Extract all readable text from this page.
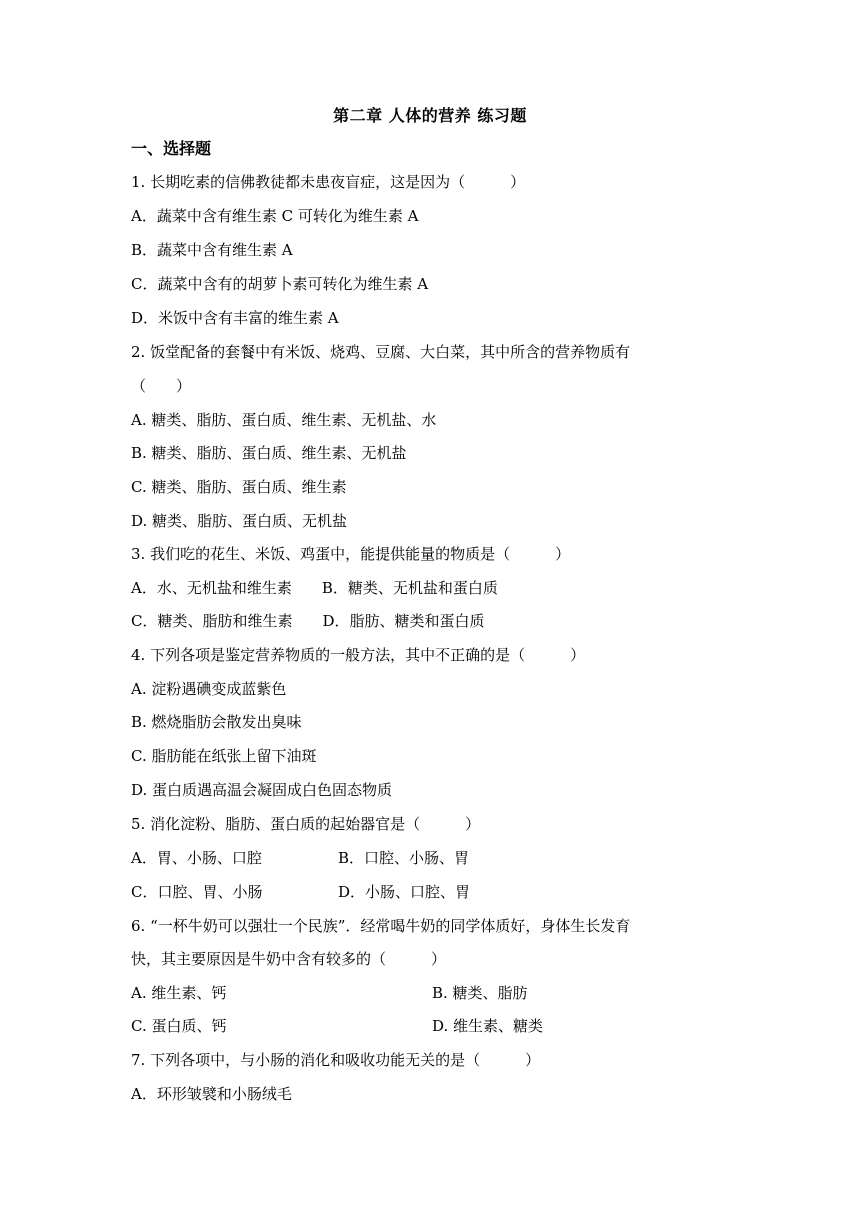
第二章 人体的营养 练习题
一、选择题
1. 长期吃素的信佛教徒都未患夜盲症，这是因为（　　　）
A．蔬菜中含有维生素 C 可转化为维生素 A
B．蔬菜中含有维生素 A
C．蔬菜中含有的胡萝卜素可转化为维生素 A
D．米饭中含有丰富的维生素 A
2. 饭堂配备的套餐中有米饭、烧鸡、豆腐、大白菜，其中所含的营养物质有
（　　）
A. 糖类、脂肪、蛋白质、维生素、无机盐、水
B. 糖类、脂肪、蛋白质、维生素、无机盐
C. 糖类、脂肪、蛋白质、维生素
D. 糖类、脂肪、蛋白质、无机盐
3. 我们吃的花生、米饭、鸡蛋中，能提供能量的物质是（　　　）
A．水、无机盐和维生素　　B．糖类、无机盐和蛋白质
C．糖类、脂肪和维生素　　D．脂肪、糖类和蛋白质
4. 下列各项是鉴定营养物质的一般方法，其中不正确的是（　　　）
A. 淀粉遇碘变成蓝紫色
B. 燃烧脂肪会散发出臭味
C. 脂肪能在纸张上留下油斑
D. 蛋白质遇高温会凝固成白色固态物质
5. 消化淀粉、脂肪、蛋白质的起始器官是（　　　）
A．胃、小肠、口腔	B．口腔、小肠、胃
C．口腔、胃、小肠	D．小肠、口腔、胃
6. “一杯牛奶可以强壮一个民族”．经常喝牛奶的同学体质好，身体生长发育
快，其主要原因是牛奶中含有较多的（　　　）
A. 维生素、钙	B. 糖类、脂肪
C. 蛋白质、钙	D. 维生素、糖类
7. 下列各项中，与小肠的消化和吸收功能无关的是（　　　）
A．环形皱襞和小肠绒毛
